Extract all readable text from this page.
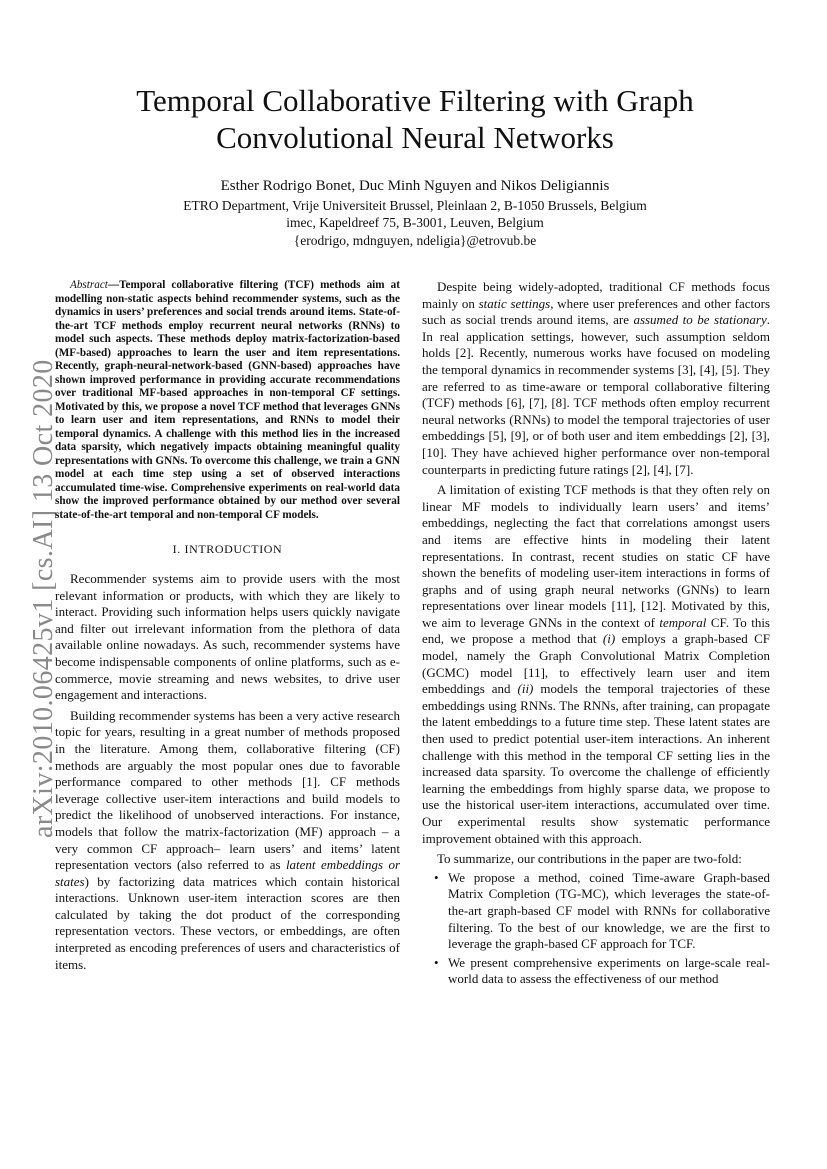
arXiv:2010.06425v1 [cs.AI] 13 Oct 2020
Temporal Collaborative Filtering with Graph Convolutional Neural Networks
Esther Rodrigo Bonet, Duc Minh Nguyen and Nikos Deligiannis
ETRO Department, Vrije Universiteit Brussel, Pleinlaan 2, B-1050 Brussels, Belgium
imec, Kapeldreef 75, B-3001, Leuven, Belgium
{erodrigo, mdnguyen, ndeligia}@etrovub.be
Abstract—Temporal collaborative filtering (TCF) methods aim at modelling non-static aspects behind recommender systems, such as the dynamics in users’ preferences and social trends around items. State-of-the-art TCF methods employ recurrent neural networks (RNNs) to model such aspects. These methods deploy matrix-factorization-based (MF-based) approaches to learn the user and item representations. Recently, graph-neural-network-based (GNN-based) approaches have shown improved performance in providing accurate recommendations over traditional MF-based approaches in non-temporal CF settings. Motivated by this, we propose a novel TCF method that leverages GNNs to learn user and item representations, and RNNs to model their temporal dynamics. A challenge with this method lies in the increased data sparsity, which negatively impacts obtaining meaningful quality representations with GNNs. To overcome this challenge, we train a GNN model at each time step using a set of observed interactions accumulated time-wise. Comprehensive experiments on real-world data show the improved performance obtained by our method over several state-of-the-art temporal and non-temporal CF models.
I. INTRODUCTION

Recommender systems aim to provide users with the most relevant information or products, with which they are likely to interact. Providing such information helps users quickly navigate and filter out irrelevant information from the plethora of data available online nowadays. As such, recommender systems have become indispensable components of online platforms, such as e-commerce, movie streaming and news websites, to drive user engagement and interactions.

Building recommender systems has been a very active research topic for years, resulting in a great number of methods proposed in the literature. Among them, collaborative filtering (CF) methods are arguably the most popular ones due to favorable performance compared to other methods [1]. CF methods leverage collective user-item interactions and build models to predict the likelihood of unobserved interactions. For instance, models that follow the matrix-factorization (MF) approach – a very common CF approach– learn users’ and items’ latent representation vectors (also referred to as latent embeddings or states) by factorizing data matrices which contain historical interactions. Unknown user-item interaction scores are then calculated by taking the dot product of the corresponding representation vectors. These vectors, or embeddings, are often interpreted as encoding preferences of users and characteristics of items.

Despite being widely-adopted, traditional CF methods focus mainly on static settings, where user preferences and other factors such as social trends around items, are assumed to be stationary. In real application settings, however, such assumption seldom holds [2]. Recently, numerous works have focused on modeling the temporal dynamics in recommender systems [3], [4], [5]. They are referred to as time-aware or temporal collaborative filtering (TCF) methods [6], [7], [8]. TCF methods often employ recurrent neural networks (RNNs) to model the temporal trajectories of user embeddings [5], [9], or of both user and item embeddings [2], [3], [10]. They have achieved higher performance over non-temporal counterparts in predicting future ratings [2], [4], [7].

A limitation of existing TCF methods is that they often rely on linear MF models to individually learn users’ and items’ embeddings, neglecting the fact that correlations amongst users and items are effective hints in modeling their latent representations. In contrast, recent studies on static CF have shown the benefits of modeling user-item interactions in forms of graphs and of using graph neural networks (GNNs) to learn representations over linear models [11], [12]. Motivated by this, we aim to leverage GNNs in the context of temporal CF. To this end, we propose a method that (i) employs a graph-based CF model, namely the Graph Convolutional Matrix Completion (GCMC) model [11], to effectively learn user and item embeddings and (ii) models the temporal trajectories of these embeddings using RNNs. The RNNs, after training, can propagate the latent embeddings to a future time step. These latent states are then used to predict potential user-item interactions. An inherent challenge with this method in the temporal CF setting lies in the increased data sparsity. To overcome the challenge of efficiently learning the embeddings from highly sparse data, we propose to use the historical user-item interactions, accumulated over time. Our experimental results show systematic performance improvement obtained with this approach.

To summarize, our contributions in the paper are two-fold:

• We propose a method, coined Time-aware Graph-based Matrix Completion (TG-MC), which leverages the state-of-the-art graph-based CF model with RNNs for collaborative filtering. To the best of our knowledge, we are the first to leverage the graph-based CF approach for TCF.
• We present comprehensive experiments on large-scale real-world data to assess the effectiveness of our method
